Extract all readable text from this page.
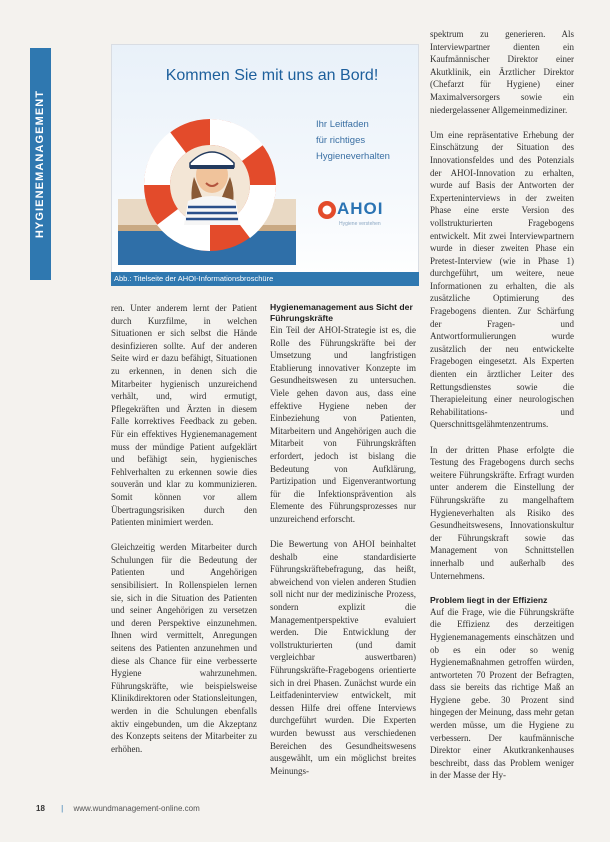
HYGIENEMANAGEMENT
Kommen Sie mit uns an Bord!
Ihr Leitfaden
für richtiges
Hygieneverhalten
AHOI
Hygiene verstehen
Abb.: Titelseite der AHOI-Informationsbroschüre

ren. Unter anderem lernt der Patient durch Kurzfilme, in welchen Situationen er sich selbst die Hände desinfizieren sollte. Auf der anderen Seite wird er dazu befähigt, Situationen zu erkennen, in denen sich die Mitarbeiter hygienisch unzureichend verhält, und, wird ermutigt, Pflegekräften und Ärzten in diesem Falle korrektives Feedback zu geben. Für ein effektives Hygienemanagement muss der mündige Patient aufgeklärt und befähigt sein, hygienisches Fehlverhalten zu erkennen sowie dies souverän und klar zu kommunizieren. Somit können vor allem Übertragungsrisiken durch den Patienten minimiert werden.

Gleichzeitig werden Mitarbeiter durch Schulungen für die Bedeutung der Patienten und Angehörigen sensibilisiert. In Rollenspielen lernen sie, sich in die Situation des Patienten und seiner Angehörigen zu versetzen und deren Perspektive einzunehmen. Ihnen wird vermittelt, Anregungen seitens des Patienten anzunehmen und diese als Chance für eine verbesserte Hygiene wahrzunehmen. Führungskräfte, wie beispielsweise Klinikdirektoren oder Stationsleitungen, werden in die Schulungen ebenfalls aktiv eingebunden, um die Akzeptanz des Konzepts seitens der Mitarbeiter zu erhöhen.

Hygienemanagement aus Sicht der Führungskräfte

Ein Teil der AHOI-Strategie ist es, die Rolle des Führungskräfte bei der Umsetzung und langfristigen Etablierung innovativer Konzepte im Gesundheitswesen zu untersuchen. Viele gehen davon aus, dass eine effektive Hygiene neben der Einbeziehung von Patienten, Mitarbeitern und Angehörigen auch die Mitarbeit von Führungskräften erfordert, jedoch ist bislang die Bedeutung von Aufklärung, Partizipation und Eigenverantwortung für die Infektionsprävention als Elemente des Führungsprozesses nur unzureichend erforscht.

Die Bewertung von AHOI beinhaltet deshalb eine standardisierte Führungskräftebefragung, das heißt, abweichend von vielen anderen Studien soll nicht nur der medizinische Prozess, sondern explizit die Managementperspektive evaluiert werden. Die Entwicklung der vollstrukturierten (und damit vergleichbar auswertbaren) Führungskräfte-Fragebogens orientierte sich in drei Phasen. Zunächst wurde ein Leitfadeninterview entwickelt, mit dessen Hilfe drei offene Interviews durchgeführt wurden. Die Experten wurden bewusst aus verschiedenen Bereichen des Gesundheitswesens ausgewählt, um ein möglichst breites Meinungs-

spektrum zu generieren. Als Interviewpartner dienten ein Kaufmännischer Direktor einer Akutklinik, ein Ärztlicher Direktor (Chefarzt für Hygiene) einer Maximalversorgers sowie ein niedergelassener Allgemeinmediziner.

Um eine repräsentative Erhebung der Einschätzung der Situation des Innovationsfeldes und des Potenzials der AHOI-Innovation zu erhalten, wurde auf Basis der Antworten der Experteninterviews in der zweiten Phase eine erste Version des vollstrukturierten Fragebogens entwickelt. Mit zwei Interviewpartnern wurde in dieser zweiten Phase ein Pretest-Interview (wie in Phase 1) durchgeführt, um weitere, neue Informationen zu erhalten, die als zusätzliche Optimierung des Fragebogens dienten. Zur Schärfung der Fragen- und Antwortformulierungen wurde zusätzlich der neu entwickelte Fragebogen eingesetzt. Als Experten dienten ein ärztlicher Leiter des Rettungsdienstes sowie die Therapieleitung einer neurologischen Rehabilitations- und Querschnittsgelähmtenzentrums.

In der dritten Phase erfolgte die Testung des Fragebogens durch sechs weitere Führungskräfte. Erfragt wurden unter anderem die Einstellung der Führungskräfte zu mangelhaftem Hygieneverhalten als Risiko des Gesundheitswesens, Innovationskultur der Führungskraft sowie das Management von Schnittstellen innerhalb und außerhalb des Unternehmens.

Problem liegt in der Effizienz

Auf die Frage, wie die Führungskräfte die Effizienz des derzeitigen Hygienemanagements einschätzen und ob es ein oder so wenig Hygienemaßnahmen getroffen würden, antworteten 70 Prozent der Befragten, dass sie bereits das richtige Maß an Hygiene gebe. 30 Prozent sind hingegen der Meinung, dass mehr getan werden müsse, um die Hygiene zu verbessern. Der kaufmännische Direktor einer Akutkrankenhauses beschreibt, dass das Problem weniger in der Masse der Hy-

18 | www.wundmanagement-online.com
